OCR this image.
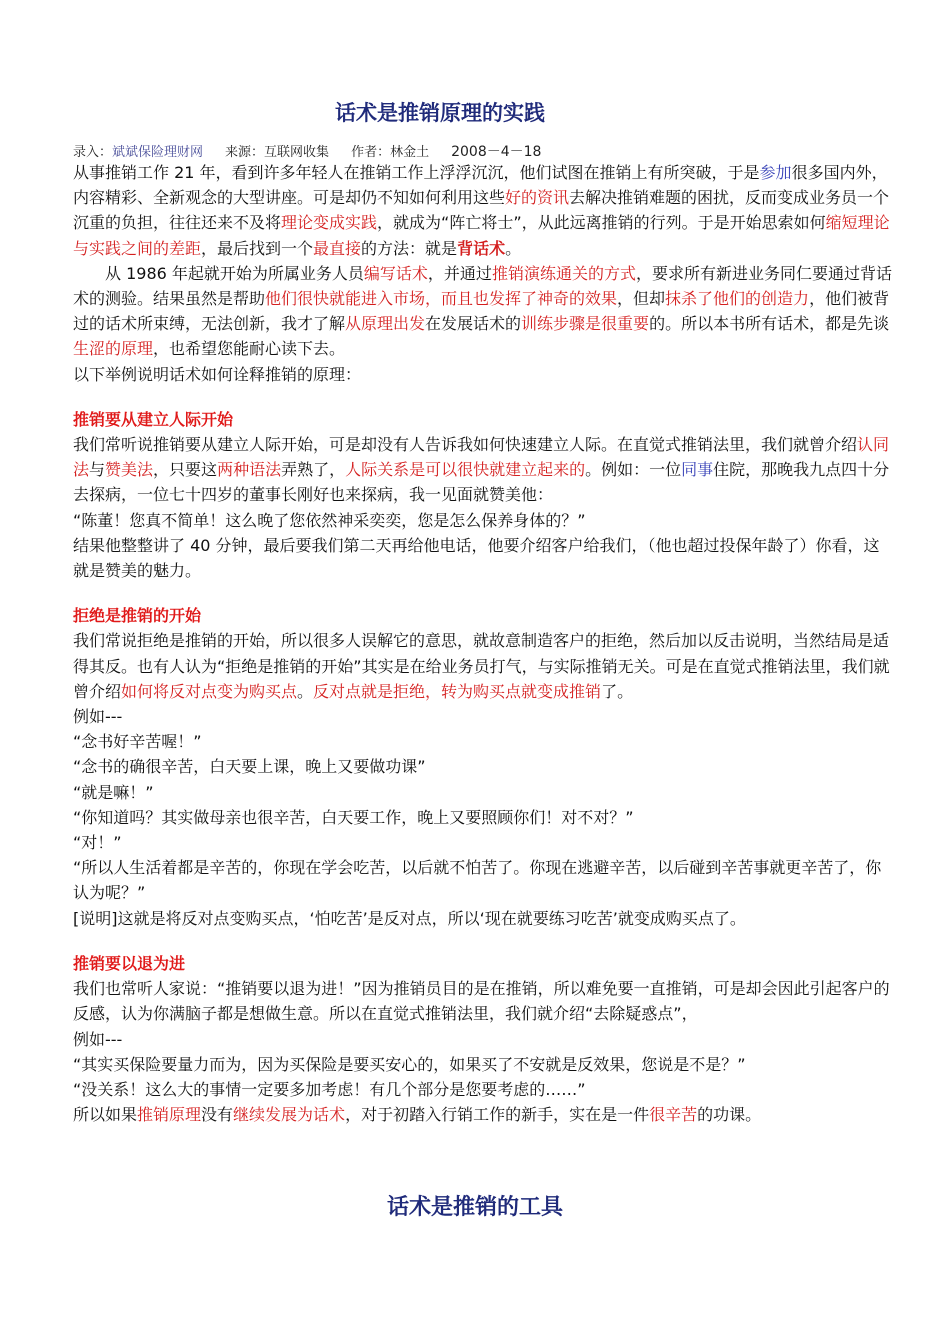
话术是推销原理的实践
录入：斌斌保险理财网 来源：互联网收集 作者：林金土 2008－4－18

从事推销工作 21 年，看到许多年轻人在推销工作上浮浮沉沉，他们试图在推销上有所突破，于是参加很多国内外，内容精彩、全新观念的大型讲座。可是却仍不知如何利用这些好的资讯去解决推销难题的困扰，反而变成业务员一个沉重的负担，往往还来不及将理论变成实践，就成为“阵亡将士”，从此远离推销的行列。于是开始思索如何缩短理论与实践之间的差距，最后找到一个最直接的方法：就是背话术。

从 1986 年起就开始为所属业务人员编写话术，并通过推销演练通关的方式，要求所有新进业务同仁要通过背话术的测验。结果虽然是帮助他们很快就能进入市场，而且也发挥了神奇的效果，但却抹杀了他们的创造力，他们被背过的话术所束缚，无法创新，我才了解从原理出发在发展话术的训练步骤是很重要的。所以本书所有话术，都是先谈生涩的原理，也希望您能耐心读下去。

以下举例说明话术如何诠释推销的原理：

推销要从建立人际开始

我们常听说推销要从建立人际开始，可是却没有人告诉我如何快速建立人际。在直觉式推销法里，我们就曾介绍认同法与赞美法，只要这两种语法弄熟了，人际关系是可以很快就建立起来的。例如：一位同事住院，那晚我九点四十分去探病，一位七十四岁的董事长刚好也来探病，我一见面就赞美他：

“陈董！您真不简单！这么晚了您依然神采奕奕，您是怎么保养身体的？”

结果他整整讲了 40 分钟，最后要我们第二天再给他电话，他要介绍客户给我们，（他也超过投保年龄了）你看，这就是赞美的魅力。

拒绝是推销的开始

我们常说拒绝是推销的开始，所以很多人误解它的意思，就故意制造客户的拒绝，然后加以反击说明，当然结局是适得其反。也有人认为“拒绝是推销的开始”其实是在给业务员打气，与实际推销无关。可是在直觉式推销法里，我们就曾介绍如何将反对点变为购买点。反对点就是拒绝，转为购买点就变成推销了。

例如---

“念书好辛苦喔！”

“念书的确很辛苦，白天要上课，晚上又要做功课”

“就是嘛！”

“你知道吗？其实做母亲也很辛苦，白天要工作，晚上又要照顾你们！对不对？”

“对！”

“所以人生活着都是辛苦的，你现在学会吃苦，以后就不怕苦了。你现在逃避辛苦，以后碰到辛苦事就更辛苦了，你认为呢？”

[说明]这就是将反对点变购买点，‘怕吃苦’是反对点，所以‘现在就要练习吃苦’就变成购买点了。

推销要以退为进

我们也常听人家说：“推销要以退为进！”因为推销员目的是在推销，所以难免要一直推销，可是却会因此引起客户的反感，认为你满脑子都是想做生意。所以在直觉式推销法里，我们就介绍“去除疑惑点”，

例如---

“其实买保险要量力而为，因为买保险是要买安心的，如果买了不安就是反效果，您说是不是？”

“没关系！这么大的事情一定要多加考虑！有几个部分是您要考虑的……”

所以如果推销原理没有继续发展为话术，对于初踏入行销工作的新手，实在是一件很辛苦的功课。

话术是推销的工具
